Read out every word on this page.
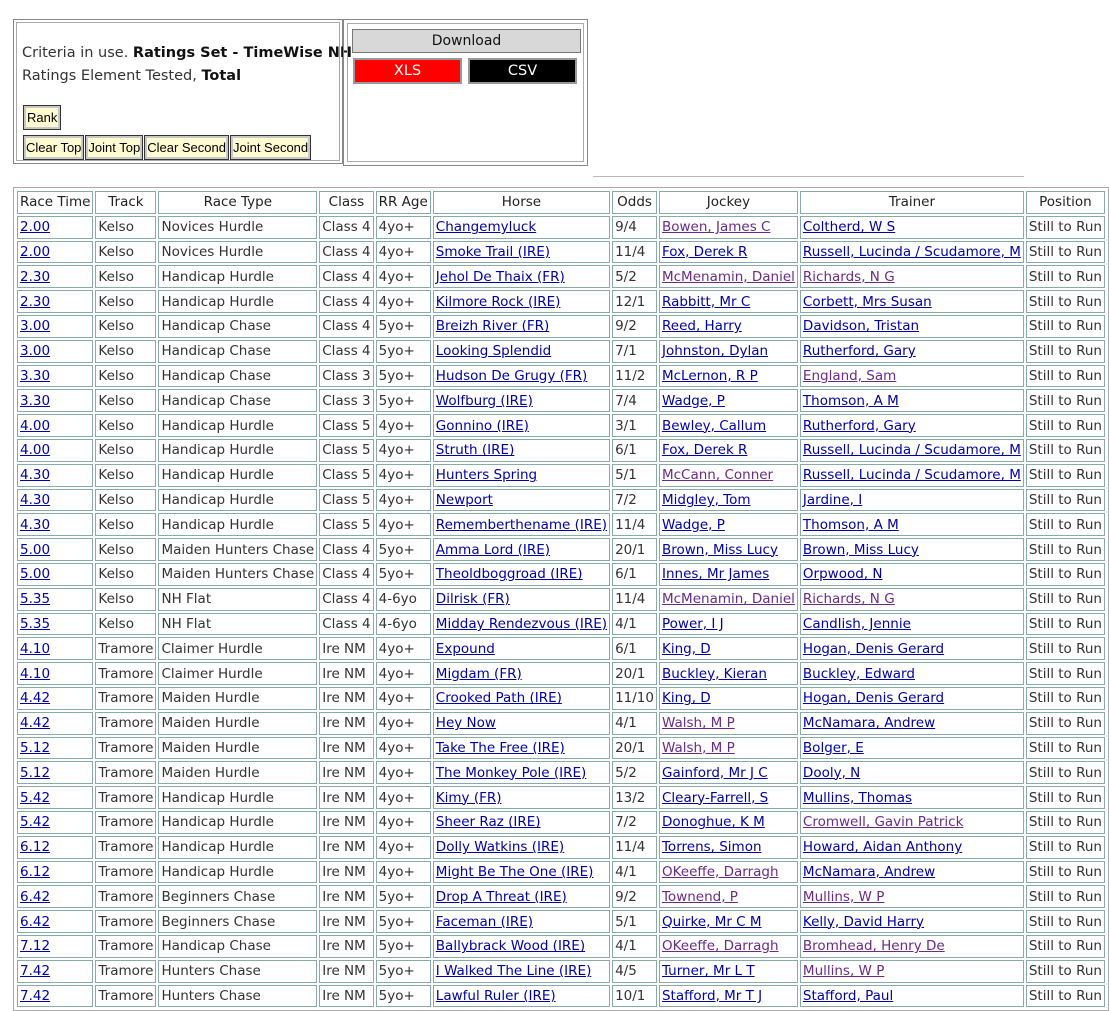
Criteria in use. Ratings Set - TimeWise NH
Ratings Element Tested, Total
Rank
Clear Top Joint Top Clear Second Joint Second
Download
XLS	CSV
Race Time	Track	Race Type	Class	RR Age	Horse	Odds	Jockey	Trainer	Position
2.00	Kelso	Novices Hurdle	Class 4	4yo+	Changemyluck	9/4	Bowen, James C	Coltherd, W S	Still to Run
2.00	Kelso	Novices Hurdle	Class 4	4yo+	Smoke Trail (IRE)	11/4	Fox, Derek R	Russell, Lucinda / Scudamore, M	Still to Run
2.30	Kelso	Handicap Hurdle	Class 4	4yo+	Jehol De Thaix (FR)	5/2	McMenamin, Daniel	Richards, N G	Still to Run
2.30	Kelso	Handicap Hurdle	Class 4	4yo+	Kilmore Rock (IRE)	12/1	Rabbitt, Mr C	Corbett, Mrs Susan	Still to Run
3.00	Kelso	Handicap Chase	Class 4	5yo+	Breizh River (FR)	9/2	Reed, Harry	Davidson, Tristan	Still to Run
3.00	Kelso	Handicap Chase	Class 4	5yo+	Looking Splendid	7/1	Johnston, Dylan	Rutherford, Gary	Still to Run
3.30	Kelso	Handicap Chase	Class 3	5yo+	Hudson De Grugy (FR)	11/2	McLernon, R P	England, Sam	Still to Run
3.30	Kelso	Handicap Chase	Class 3	5yo+	Wolfburg (IRE)	7/4	Wadge, P	Thomson, A M	Still to Run
4.00	Kelso	Handicap Hurdle	Class 5	4yo+	Gonnino (IRE)	3/1	Bewley, Callum	Rutherford, Gary	Still to Run
4.00	Kelso	Handicap Hurdle	Class 5	4yo+	Struth (IRE)	6/1	Fox, Derek R	Russell, Lucinda / Scudamore, M	Still to Run
4.30	Kelso	Handicap Hurdle	Class 5	4yo+	Hunters Spring	5/1	McCann, Conner	Russell, Lucinda / Scudamore, M	Still to Run
4.30	Kelso	Handicap Hurdle	Class 5	4yo+	Newport	7/2	Midgley, Tom	Jardine, I	Still to Run
4.30	Kelso	Handicap Hurdle	Class 5	4yo+	Rememberthename (IRE)	11/4	Wadge, P	Thomson, A M	Still to Run
5.00	Kelso	Maiden Hunters Chase	Class 4	5yo+	Amma Lord (IRE)	20/1	Brown, Miss Lucy	Brown, Miss Lucy	Still to Run
5.00	Kelso	Maiden Hunters Chase	Class 4	5yo+	Theoldboggroad (IRE)	6/1	Innes, Mr James	Orpwood, N	Still to Run
5.35	Kelso	NH Flat	Class 4	4-6yo	Dilrisk (FR)	11/4	McMenamin, Daniel	Richards, N G	Still to Run
5.35	Kelso	NH Flat	Class 4	4-6yo	Midday Rendezvous (IRE)	4/1	Power, I J	Candlish, Jennie	Still to Run
4.10	Tramore	Claimer Hurdle	Ire NM	4yo+	Expound	6/1	King, D	Hogan, Denis Gerard	Still to Run
4.10	Tramore	Claimer Hurdle	Ire NM	4yo+	Migdam (FR)	20/1	Buckley, Kieran	Buckley, Edward	Still to Run
4.42	Tramore	Maiden Hurdle	Ire NM	4yo+	Crooked Path (IRE)	11/10	King, D	Hogan, Denis Gerard	Still to Run
4.42	Tramore	Maiden Hurdle	Ire NM	4yo+	Hey Now	4/1	Walsh, M P	McNamara, Andrew	Still to Run
5.12	Tramore	Maiden Hurdle	Ire NM	4yo+	Take The Free (IRE)	20/1	Walsh, M P	Bolger, E	Still to Run
5.12	Tramore	Maiden Hurdle	Ire NM	4yo+	The Monkey Pole (IRE)	5/2	Gainford, Mr J C	Dooly, N	Still to Run
5.42	Tramore	Handicap Hurdle	Ire NM	4yo+	Kimy (FR)	13/2	Cleary-Farrell, S	Mullins, Thomas	Still to Run
5.42	Tramore	Handicap Hurdle	Ire NM	4yo+	Sheer Raz (IRE)	7/2	Donoghue, K M	Cromwell, Gavin Patrick	Still to Run
6.12	Tramore	Handicap Hurdle	Ire NM	4yo+	Dolly Watkins (IRE)	11/4	Torrens, Simon	Howard, Aidan Anthony	Still to Run
6.12	Tramore	Handicap Hurdle	Ire NM	4yo+	Might Be The One (IRE)	4/1	OKeeffe, Darragh	McNamara, Andrew	Still to Run
6.42	Tramore	Beginners Chase	Ire NM	5yo+	Drop A Threat (IRE)	9/2	Townend, P	Mullins, W P	Still to Run
6.42	Tramore	Beginners Chase	Ire NM	5yo+	Faceman (IRE)	5/1	Quirke, Mr C M	Kelly, David Harry	Still to Run
7.12	Tramore	Handicap Chase	Ire NM	5yo+	Ballybrack Wood (IRE)	4/1	OKeeffe, Darragh	Bromhead, Henry De	Still to Run
7.42	Tramore	Hunters Chase	Ire NM	5yo+	I Walked The Line (IRE)	4/5	Turner, Mr L T	Mullins, W P	Still to Run
7.42	Tramore	Hunters Chase	Ire NM	5yo+	Lawful Ruler (IRE)	10/1	Stafford, Mr T J	Stafford, Paul	Still to Run
